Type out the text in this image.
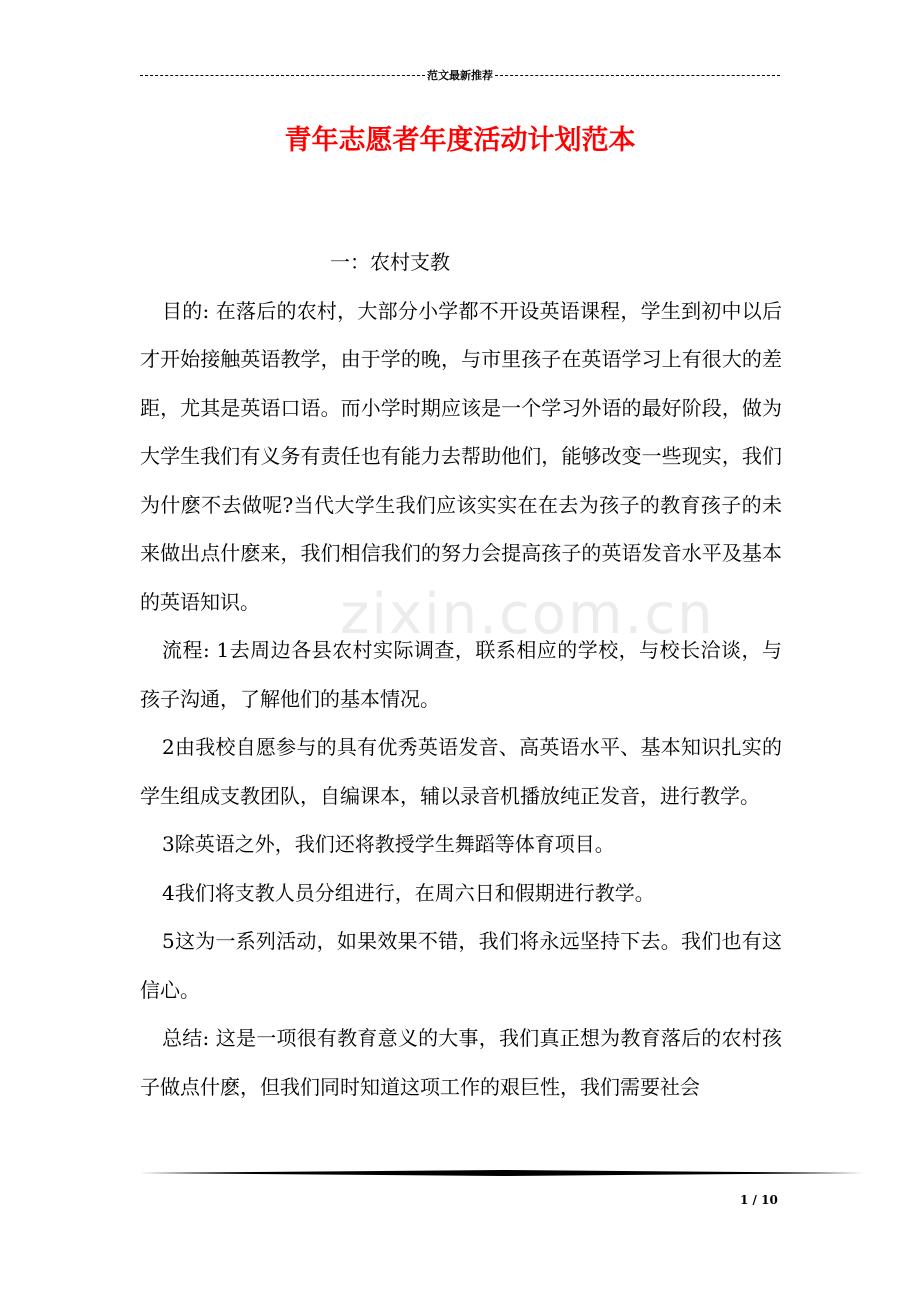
范文最新推荐
青年志愿者年度活动计划范本
zixin.com.cn

一：农村支教

目的: 在落后的农村，大部分小学都不开设英语课程，学生到初中以后才开始接触英语教学，由于学的晚，与市里孩子在英语学习上有很大的差距，尤其是英语口语。而小学时期应该是一个学习外语的最好阶段，做为大学生我们有义务有责任也有能力去帮助他们，能够改变一些现实，我们为什麽不去做呢?当代大学生我们应该实实在在去为孩子的教育孩子的未来做出点什麽来，我们相信我们的努力会提高孩子的英语发音水平及基本的英语知识。

流程: 1去周边各县农村实际调查，联系相应的学校，与校长洽谈，与孩子沟通，了解他们的基本情况。

2由我校自愿参与的具有优秀英语发音、高英语水平、基本知识扎实的学生组成支教团队，自编课本，辅以录音机播放纯正发音，进行教学。

3除英语之外，我们还将教授学生舞蹈等体育项目。

4我们将支教人员分组进行，在周六日和假期进行教学。

5这为一系列活动，如果效果不错，我们将永远坚持下去。我们也有这信心。

总结: 这是一项很有教育意义的大事，我们真正想为教育落后的农村孩子做点什麽，但我们同时知道这项工作的艰巨性，我们需要社会

1 / 10
